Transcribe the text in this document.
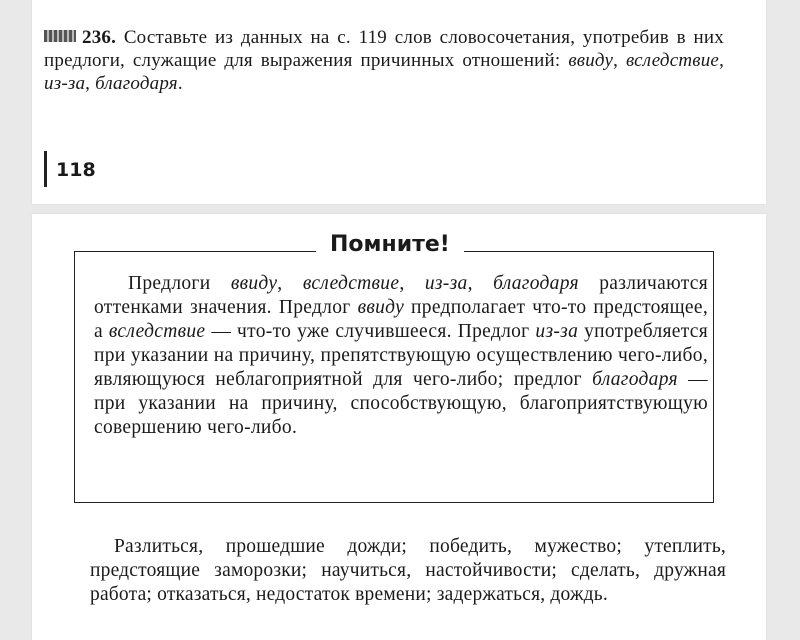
236. Составьте из данных на с. 119 слов словосочетания, употребив в них предлоги, служащие для выражения причинных отношений: ввиду, вследствие, из-за, благодаря.
118
Помните!
Предлоги ввиду, вследствие, из-за, благодаря различаются оттенками значения. Предлог ввиду предполагает что-то предстоящее, а вследствие — что-то уже случившееся. Предлог из-за употребляется при указании на причину, препятствующую осуществлению чего-либо, являющуюся неблагоприятной для чего-либо; предлог благодаря — при указании на причину, способствующую, благоприятствующую совершению чего-либо.
Разлиться, прошедшие дожди; победить, мужество; утеплить, предстоящие заморозки; научиться, настойчивости; сделать, дружная работа; отказаться, недостаток времени; задержаться, дождь.
